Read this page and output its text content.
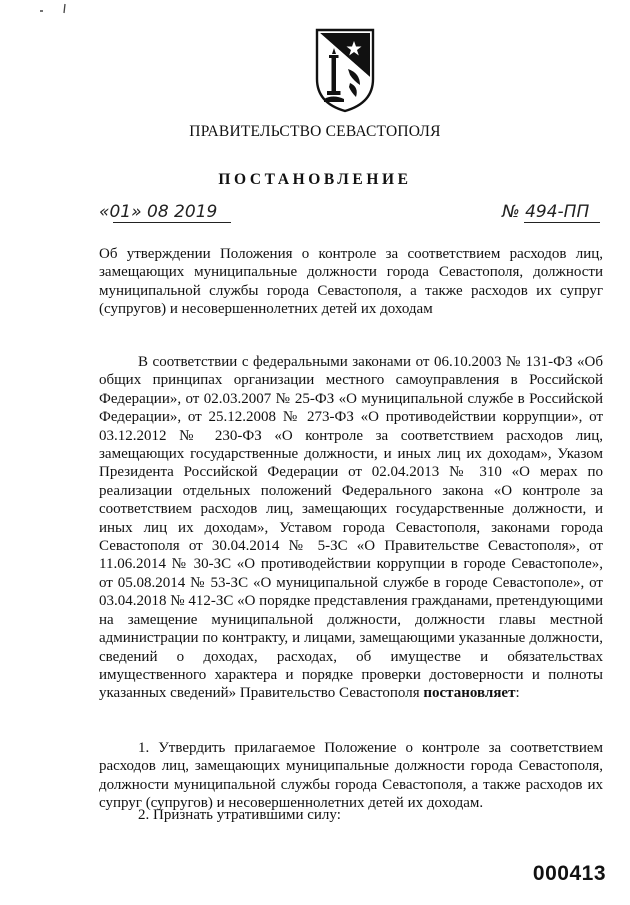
ПРАВИТЕЛЬСТВО СЕВАСТОПОЛЯ
ПОСТАНОВЛЕНИЕ
«01» 08 2019	№ 494-ПП
Об утверждении Положения о контроле за соответствием расходов лиц, замещающих муниципальные должности города Севастополя, должности муниципальной службы города Севастополя, а также расходов их супруг (супругов) и несовершеннолетних детей их доходам
В соответствии с федеральными законами от 06.10.2003 № 131-ФЗ «Об общих принципах организации местного самоуправления в Российской Федерации», от 02.03.2007 № 25-ФЗ «О муниципальной службе в Российской Федерации», от 25.12.2008 № 273-ФЗ «О противодействии коррупции», от 03.12.2012 № 230-ФЗ «О контроле за соответствием расходов лиц, замещающих государственные должности, и иных лиц их доходам», Указом Президента Российской Федерации от 02.04.2013 № 310 «О мерах по реализации отдельных положений Федерального закона «О контроле за соответствием расходов лиц, замещающих государственные должности, и иных лиц их доходам», Уставом города Севастополя, законами города Севастополя от 30.04.2014 № 5-ЗС «О Правительстве Севастополя», от 11.06.2014 № 30-ЗС «О противодействии коррупции в городе Севастополе», от 05.08.2014 № 53-ЗС «О муниципальной службе в городе Севастополе», от 03.04.2018 № 412-ЗС «О порядке представления гражданами, претендующими на замещение муниципальной должности, должности главы местной администрации по контракту, и лицами, замещающими указанные должности, сведений о доходах, расходах, об имуществе и обязательствах имущественного характера и порядке проверки достоверности и полноты указанных сведений» Правительство Севастополя постановляет:
1. Утвердить прилагаемое Положение о контроле за соответствием расходов лиц, замещающих муниципальные должности города Севастополя, должности муниципальной службы города Севастополя, а также расходов их супруг (супругов) и несовершеннолетних детей их доходам.
2. Признать утратившими силу:
000413
